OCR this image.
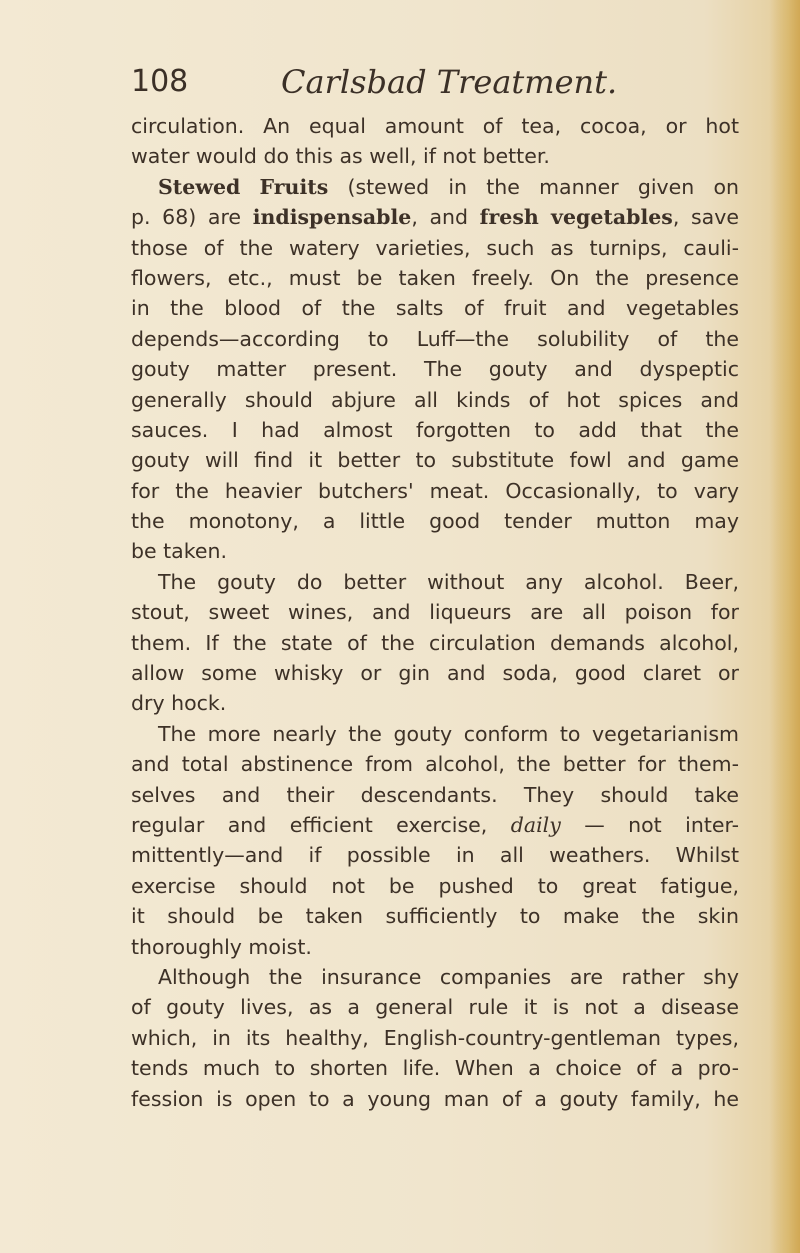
108	Carlsbad Treatment.
circulation. An equal amount of tea, cocoa, or hot
water would do this as well, if not better.
Stewed Fruits (stewed in the manner given on
p. 68) are indispensable, and fresh vegetables, save
those of the watery varieties, such as turnips, cauli-
flowers, etc., must be taken freely. On the presence
in the blood of the salts of fruit and vegetables
depends—according to Luff—the solubility of the
gouty matter present. The gouty and dyspeptic
generally should abjure all kinds of hot spices and
sauces. I had almost forgotten to add that the
gouty will find it better to substitute fowl and game
for the heavier butchers' meat. Occasionally, to vary
the monotony, a little good tender mutton may
be taken.
The gouty do better without any alcohol. Beer,
stout, sweet wines, and liqueurs are all poison for
them. If the state of the circulation demands alcohol,
allow some whisky or gin and soda, good claret or
dry hock.
The more nearly the gouty conform to vegetarianism
and total abstinence from alcohol, the better for them-
selves and their descendants. They should take
regular and efficient exercise, daily — not inter-
mittently—and if possible in all weathers. Whilst
exercise should not be pushed to great fatigue,
it should be taken sufficiently to make the skin
thoroughly moist.
Although the insurance companies are rather shy
of gouty lives, as a general rule it is not a disease
which, in its healthy, English-country-gentleman types,
tends much to shorten life. When a choice of a pro-
fession is open to a young man of a gouty family, he
